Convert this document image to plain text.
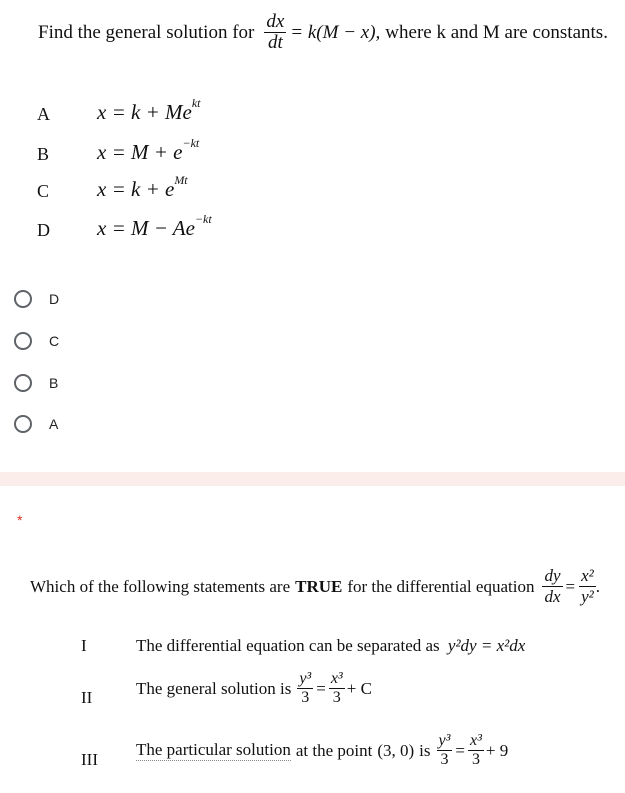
Find the general solution for $\frac{dx}{dt} = k(M - x)$, where k and M are constants.
A $x = k + Me^{kt}$
B $x = M + e^{-kt}$
C $x = k + e^{Mt}$
D $x = M - Ae^{-kt}$
D
C
B
A
*
Which of the following statements are TRUE for the differential equation $\frac{dy}{dx} = \frac{\text{x²}}{\text{y²}}$ .
I	The differential equation can be separated as y²dy = x²dx
II	The general solution is $\frac{\text{y³}}{3} = \frac{\text{x³}}{3} + C$
III
The particular solution at the point (3, 0) is $\frac{\text{y³}}{3} = \frac{\text{x³}}{3} + 9$
